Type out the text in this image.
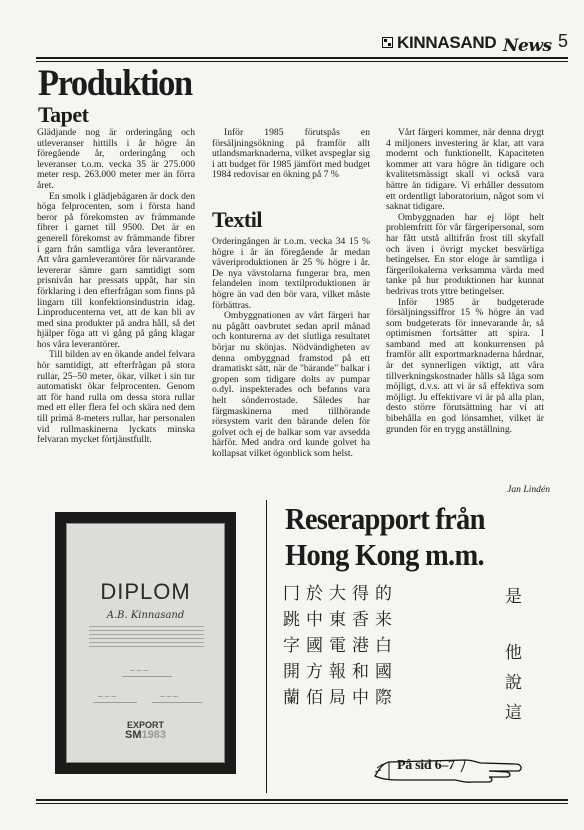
KINNASAND News 5
Produktion
Tapet

Glädjande nog är orderingång och utleveranser hittills i år högre än föregående år, orderingång och leveranser t.o.m. vecka 35 är 275.000 meter resp. 263.000 meter mer än förra året.

En smolk i glädjebägaren är dock den höga felprocenten, som i första hand beror på förekomsten av främmande fibrer i garnet till 9500. Det är en generell förekomst av främmande fibrer i garn från samtliga våra leverantörer. Att våra garnleverantörer för närvarande levererar sämre garn samtidigt som prisnivån har pressats uppåt, har sin förklaring i den efterfrågan som finns på lingarn till konfektionsindustrin idag. Linproducenterna vet, att de kan bli av med sina produkter på andra håll, så det hjälper föga att vi gång på gång klagar hos våra leverantörer.

Till bilden av en ökande andel felvara hör samtidigt, att efterfrågan på stora rullar, 25–50 meter, ökar, vilket i sin tur automatiskt ökar felprocenten. Genom att för hand rulla om dessa stora rullar med ett eller flera fel och skära ned dem till primä 8-meters rullar, har personalen vid rullmaskinerna lyckats minska felvaran mycket förtjänstfullt.

Inför 1985 förutspås en försäljningsökning på framför allt utlandsmarknaderna, vilket avspeglar sig i att budget för 1985 jämfört med budget 1984 redovisar en ökning på 7 %

Textil

Orderingången är t.o.m. vecka 34 15 % högre i år än föregående år medan väveriproduktionen är 25 % högre i år. De nya vävstolarna fungerar bra, men felandelen inom textilproduktionen är högre än vad den bör vara, vilket måste förbättras.

Ombyggnationen av vårt färgeri har nu pågått oavbrutet sedan april månad och konturerna av det slutliga resultatet börjar nu skönjas. Nödvändigheten av denna ombyggnad framstod på ett dramatiskt sätt, när de "bärande" balkar i gropen som tidigare dolts av pumpar o.dyl. inspekterades och befanns vara helt sönderrostade. Således har färgmaskinerna med tillhörande rörsystem varit den bärande delen för golvet och ej de balkar som var avsedda härför. Med andra ord kunde golvet ha kollapsat vilket ögonblick som helst.

Vårt färgeri kommer, när denna drygt 4 miljoners investering är klar, att vara modernt och funktionellt. Kapaciteten kommer att vara högre än tidigare och kvalitetsmässigt skall vi också vara bättre än tidigare. Vi erhåller dessutom ett ordentligt laboratorium, något som vi saknat tidigare.

Ombyggnaden har ej löpt helt problemfritt för vår färgeripersonal, som har fått utstå alltifrån frost till skyfall och även i övrigt mycket besvärliga betingelser. En stor eloge är samtliga i färgerilokalerna verksamma värda med tanke på hur produktionen har kunnat bedrivas trots yttre betingelser.

Inför 1985 är budgeterade försäljningssiffror 15 % högre än vad som budgeterats för innevarande år, så optimismen fortsätter att spira. I samband med att konkurrensen på framför allt exportmarknaderna hårdnar, är det synnerligen viktigt, att våra tillverkningskostnader hålls så låga som möjligt, d.v.s. att vi är så effektiva som möjligt. Ju effektivare vi är på alla plan, desto större förutsättning har vi att bibehålla en god lönsamhet, vilket är grunden för en trygg anställning.

Jan Lindén
DIPLOM
A.B. Kinnasand
~~~
~~~	~~~
EXPORT
SM1983
Reserapport från
Hong Kong m.m.
冂於大得的
跳中東香来
字國電港白
開方報和國
蘭佰局中際
是
他
說
這

På sid 6–7
